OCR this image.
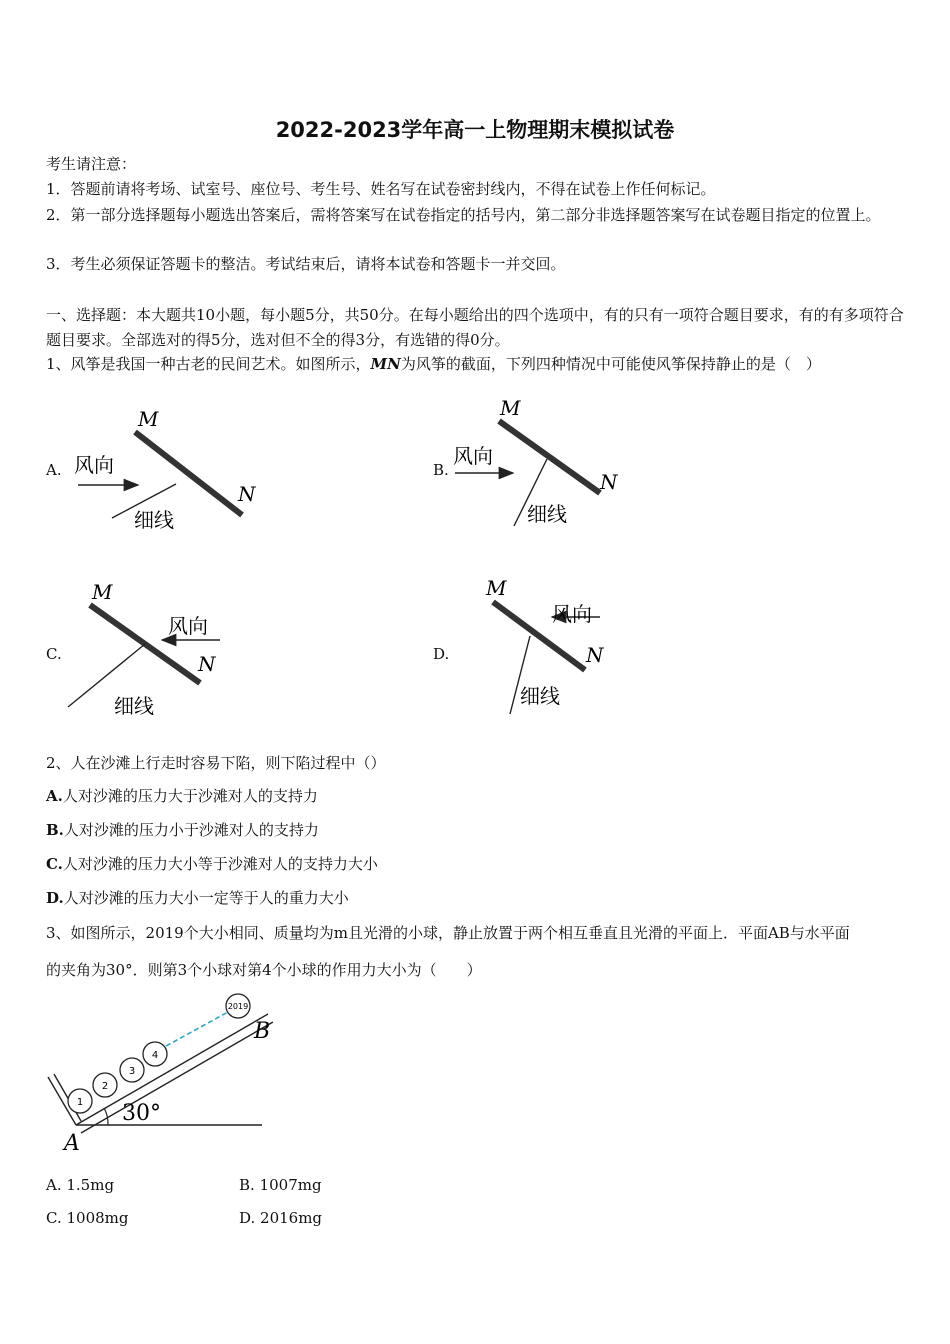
2022-2023学年高一上物理期末模拟试卷
考生请注意：
1．答题前请将考场、试室号、座位号、考生号、姓名写在试卷密封线内，不得在试卷上作任何标记。
2．第一部分选择题每小题选出答案后，需将答案写在试卷指定的括号内，第二部分非选择题答案写在试卷题目指定的位置上。
3．考生必须保证答题卡的整洁。考试结束后，请将本试卷和答题卡一并交回。
一、选择题：本大题共10小题，每小题5分，共50分。在每小题给出的四个选项中，有的只有一项符合题目要求，有的有多项符合题目要求。全部选对的得5分，选对但不全的得3分，有选错的得0分。
1、风筝是我国一种古老的民间艺术。如图所示，MN为风筝的截面，下列四种情况中可能使风筝保持静止的是（　）
A.	B.
C.	D.
M
N
风向
细线
M
N
风向
细线
M
N
风向
细线
M
N
风向
细线
2、人在沙滩上行走时容易下陷，则下陷过程中（）
A.人对沙滩的压力大于沙滩对人的支持力
B.人对沙滩的压力小于沙滩对人的支持力
C.人对沙滩的压力大小等于沙滩对人的支持力大小
D.人对沙滩的压力大小一定等于人的重力大小
3、如图所示，2019个大小相同、质量均为m且光滑的小球，静止放置于两个相互垂直且光滑的平面上．平面AB与水平面
的夹角为30°．则第3个小球对第4个小球的作用力大小为（　　）
1
2
3
4
2019
A
B
30°
A. 1.5mg	B. 1007mg
C. 1008mg	D. 2016mg
